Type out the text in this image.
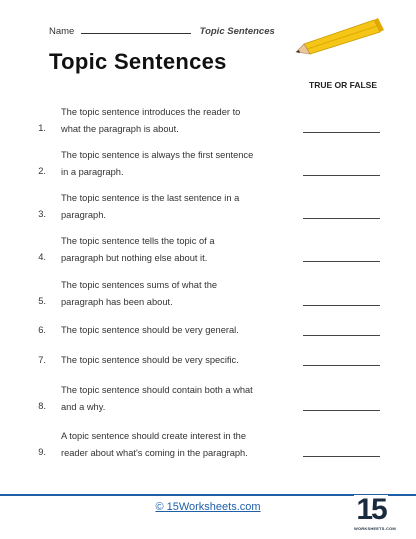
Name	Topic Sentences
Topic Sentences
TRUE OR FALSE
1.
The topic sentence introduces the reader to
what the paragraph is about.
2.
The topic sentence is always the first sentence
in a paragraph.
3.
The topic sentence is the last sentence in a
paragraph.
4.
The topic sentence tells the topic of a
paragraph but nothing else about it.
5.
The topic sentences sums of what the
paragraph has been about.
6. The topic sentence should be very general.
7. The topic sentence should be very specific.
8.
The topic sentence should contain both a what
and a why.
9.
A topic sentence should create interest in the
reader about what's coming in the paragraph.
© 15Worksheets.com	15
WORKSHEETS.COM
